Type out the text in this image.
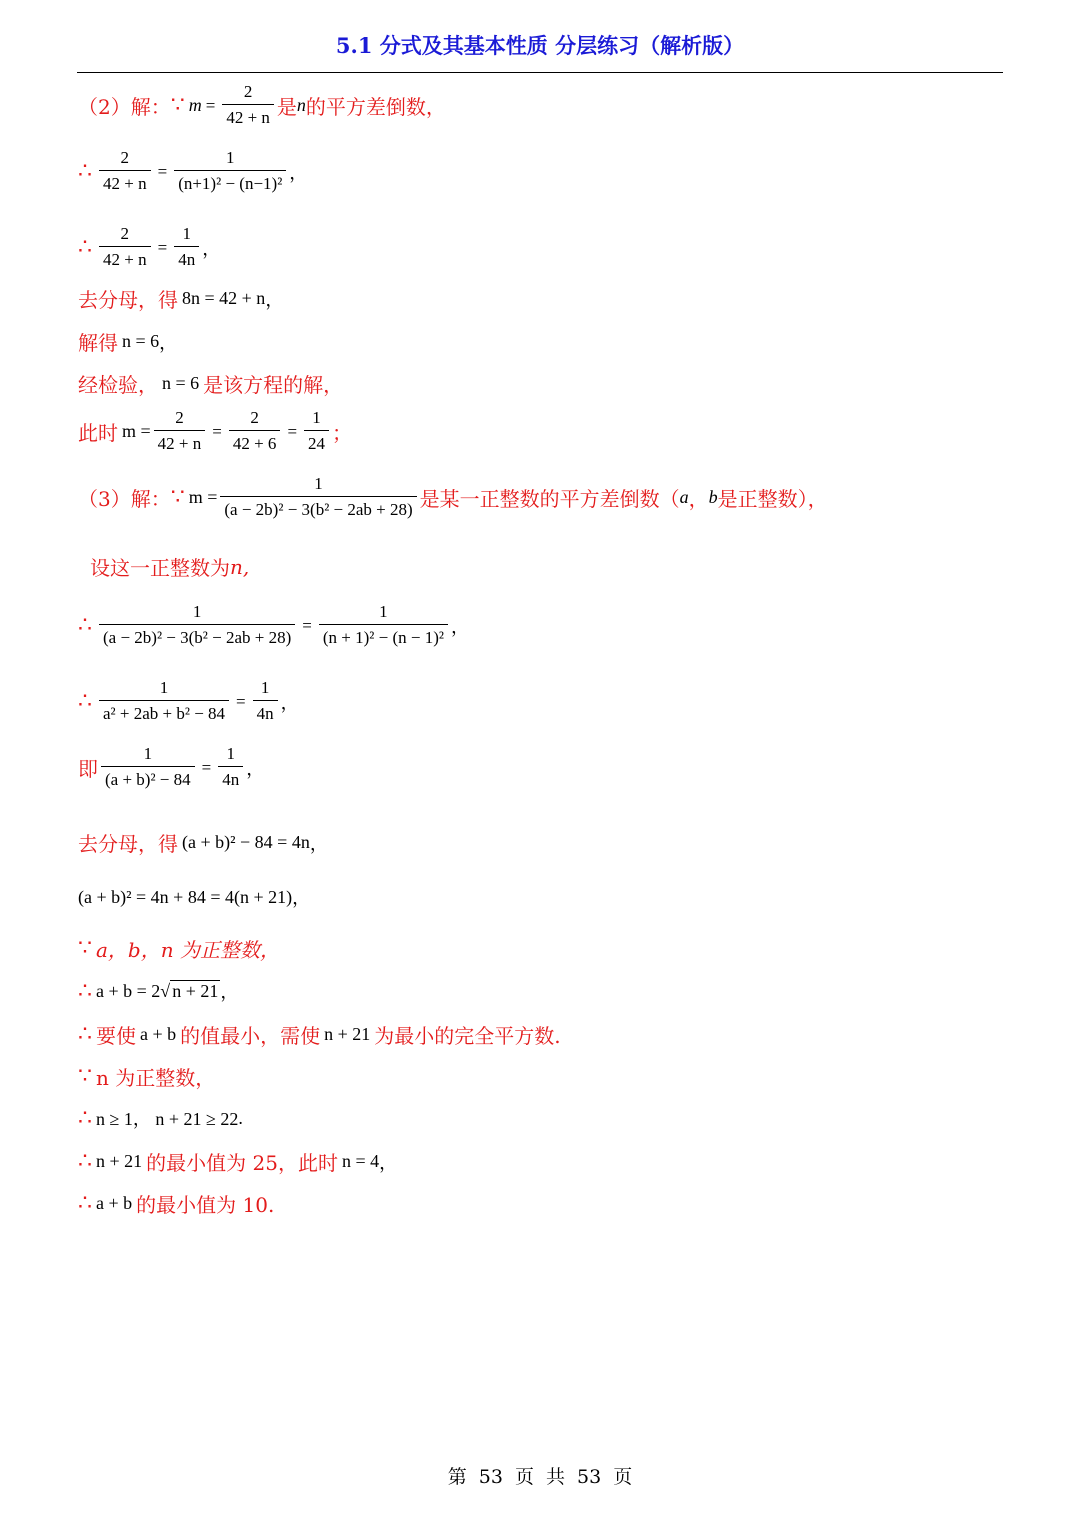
5.1 分式及其基本性质 分层练习（解析版）
（2）解： ∵ $m = \frac{2}{42 + n}$ 是 n 的平方差倒数，
∴ $\frac{2}{42 + n} = \frac{1}{\text{(n+1)² − (n−1)²}}$ ，
∴ $\frac{2}{42 + n} = \frac{1}{4n}$ ，
去分母，得 8n = 42 + n ，
解得 n = 6 ，
经检验， n = 6 是该方程的解，
此时 $m = \frac{2}{42 + n} = \frac{2}{42 + 6} = \frac{1}{24}$ ；
（3）解： ∵ $m = \frac{1}{\text{(a − 2b)² − 3(b² − 2ab + 28)}}$ 是某一正整数的平方差倒数（ a ， b 是正整数），
设这一正整数为 n,
∴ $\frac{1}{\text{(a − 2b)² − 3(b² − 2ab + 28)}} = \frac{1}{\text{(n + 1)² − (n − 1)²}}$ ，
∴ $\frac{1}{\text{a² + 2ab + b² − 84}} = \frac{1}{4n}$ ，
即 $\frac{1}{\text{(a + b)² − 84}} = \frac{1}{4n}$ ，
去分母，得 (a + b)² − 84 = 4n ，
(a + b)² = 4n + 84 = 4(n + 21) ，
∵ a，b，n 为正整数，
∴ a + b = 2 √ n + 21 ，
∴ 要使 a + b 的值最小，需使 n + 21 为最小的完全平方数.
∵ n 为正整数，
∴ n ≥ 1， n + 21 ≥ 22 .
∴ n + 21 的最小值为 25，此时 n = 4 ，
∴ a + b 的最小值为 10.
第 53 页 共 53 页
